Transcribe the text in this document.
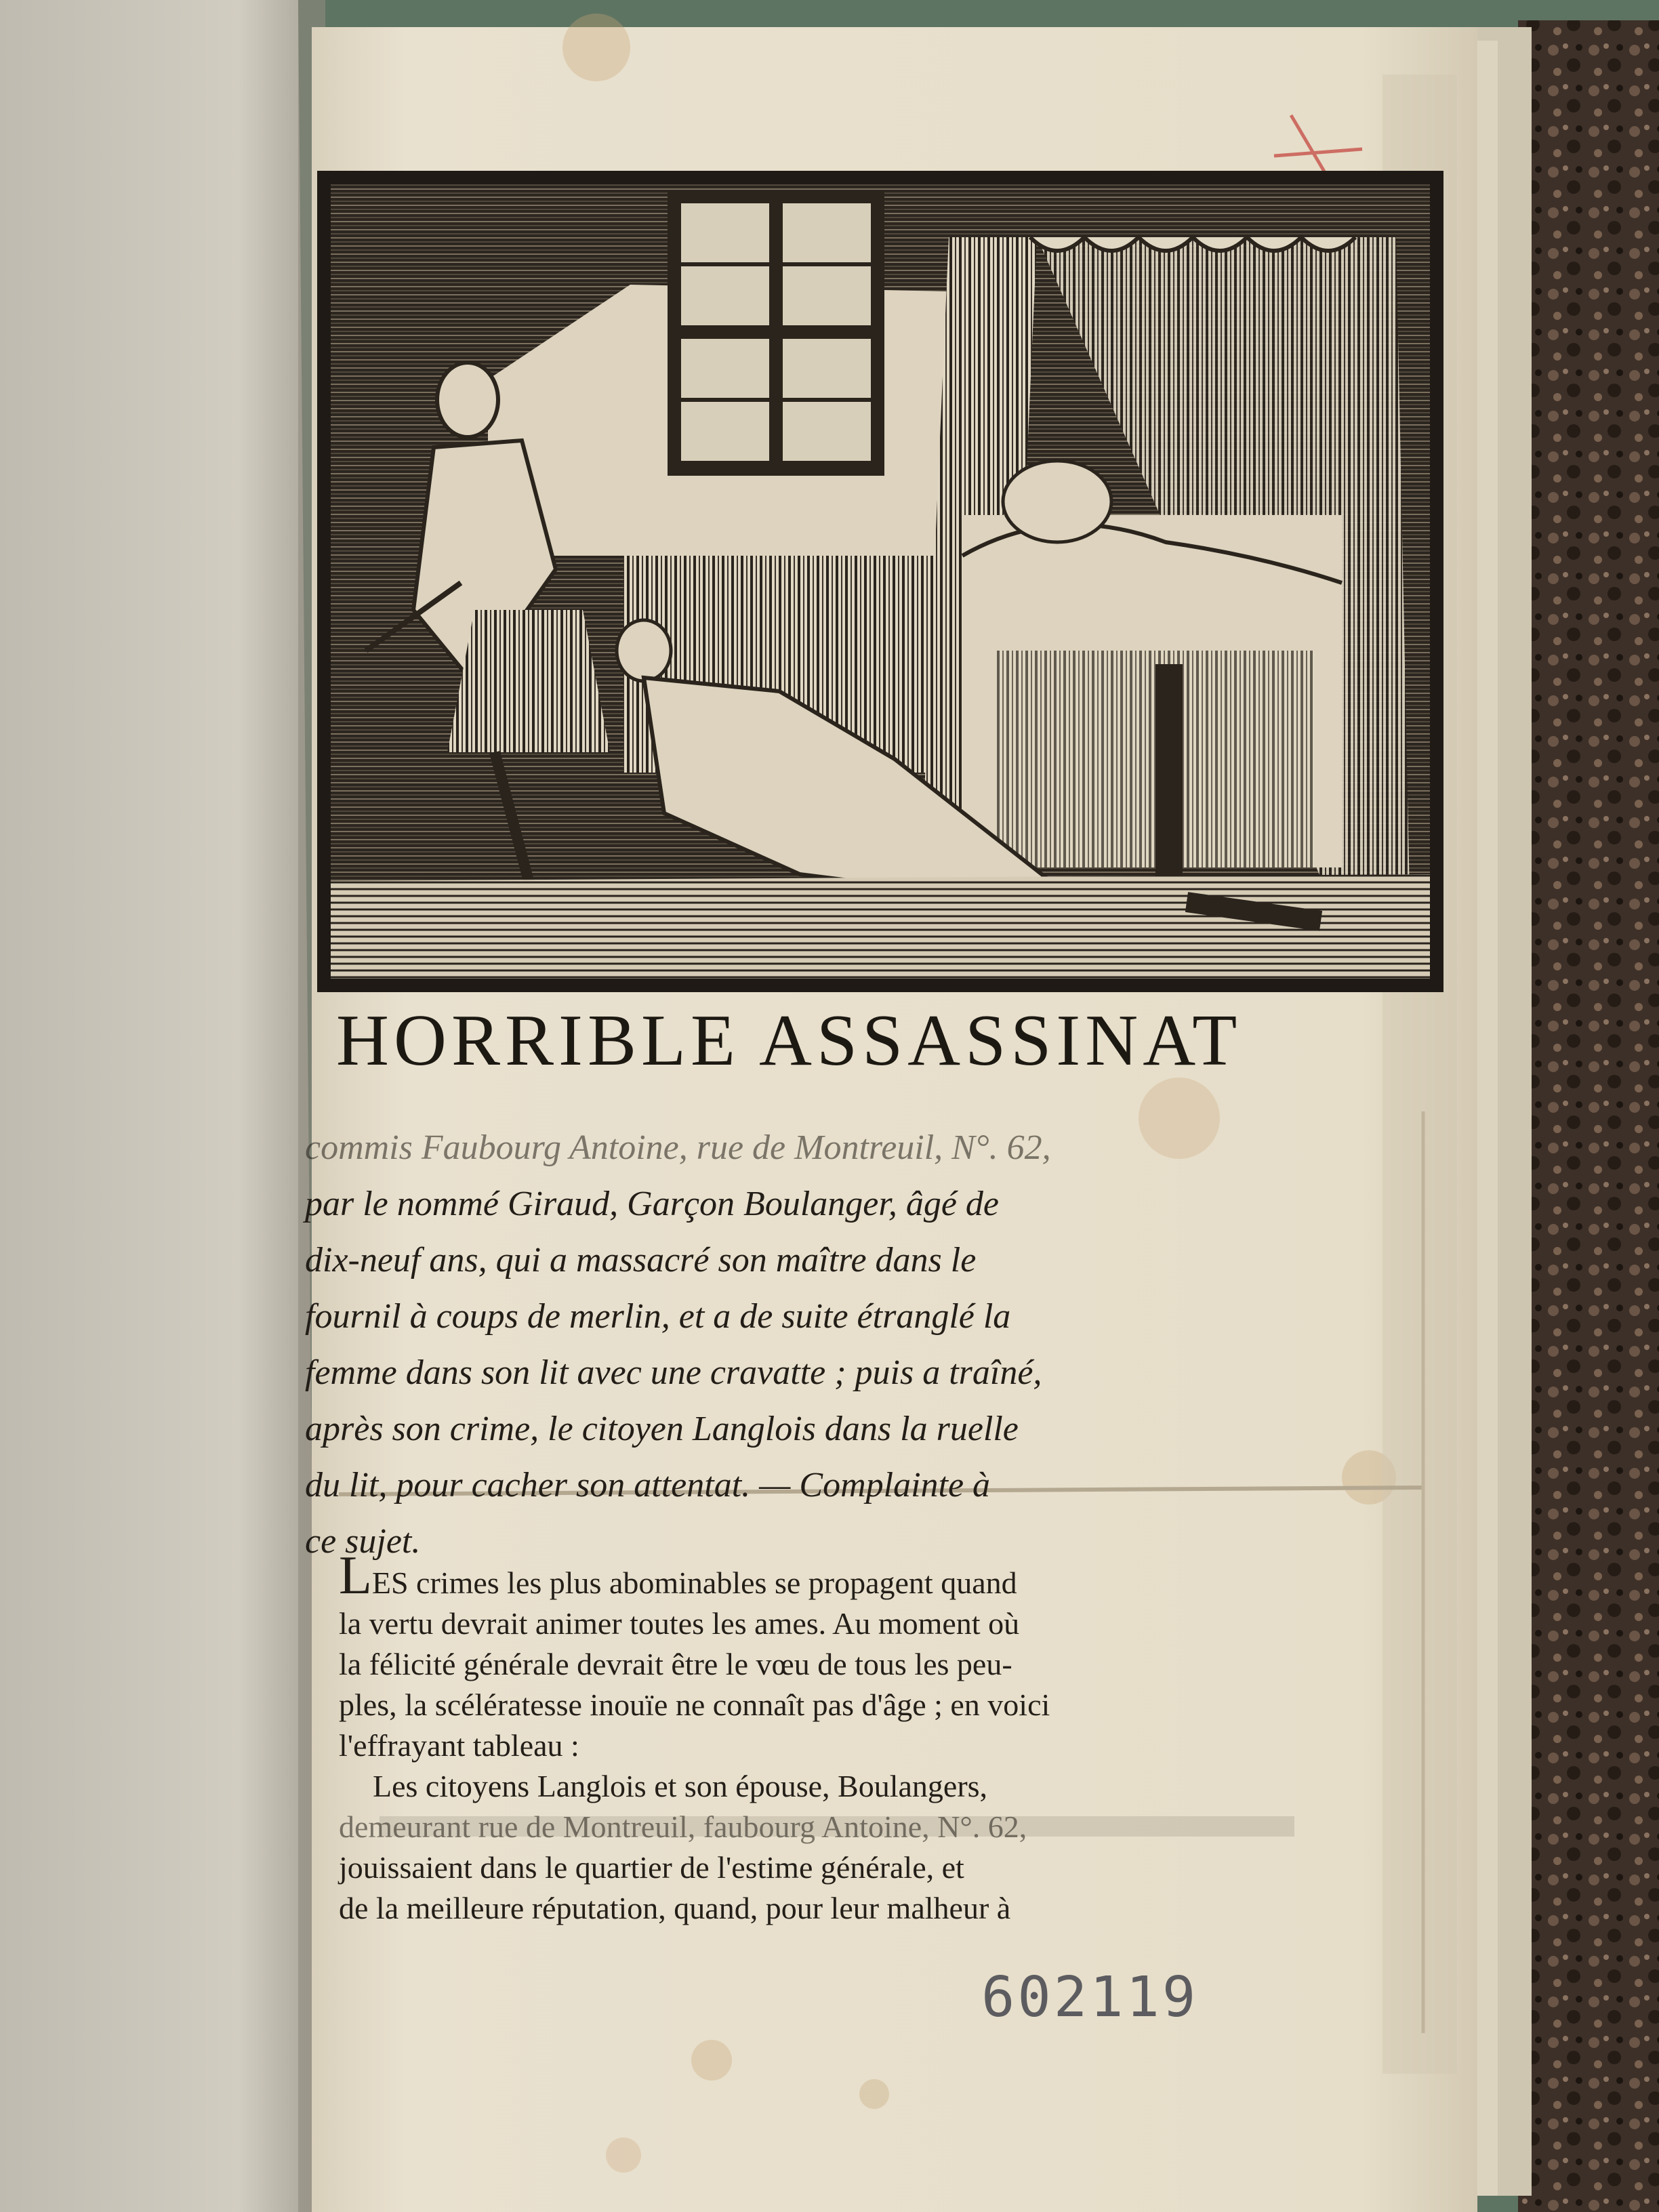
HORRIBLE ASSASSINAT
commis Faubourg Antoine, rue de Montreuil, N°. 62,
par le nommé Giraud, Garçon Boulanger, âgé de
dix-neuf ans, qui a massacré son maître dans le
fournil à coups de merlin, et a de suite étranglé la
femme dans son lit avec une cravatte ; puis a traîné,
après son crime, le citoyen Langlois dans la ruelle
du lit, pour cacher son attentat. — Complainte à
ce sujet.
LES crimes les plus abominables se propagent quand
la vertu devrait animer toutes les ames. Au moment où
la félicité générale devrait être le vœu de tous les peu-
ples, la scélératesse inouïe ne connaît pas d'âge ; en voici
l'effrayant tableau :
Les citoyens Langlois et son épouse, Boulangers,
demeurant rue de Montreuil, faubourg Antoine, N°. 62,
jouissaient dans le quartier de l'estime générale, et
de la meilleure réputation, quand, pour leur malheur à
602119
